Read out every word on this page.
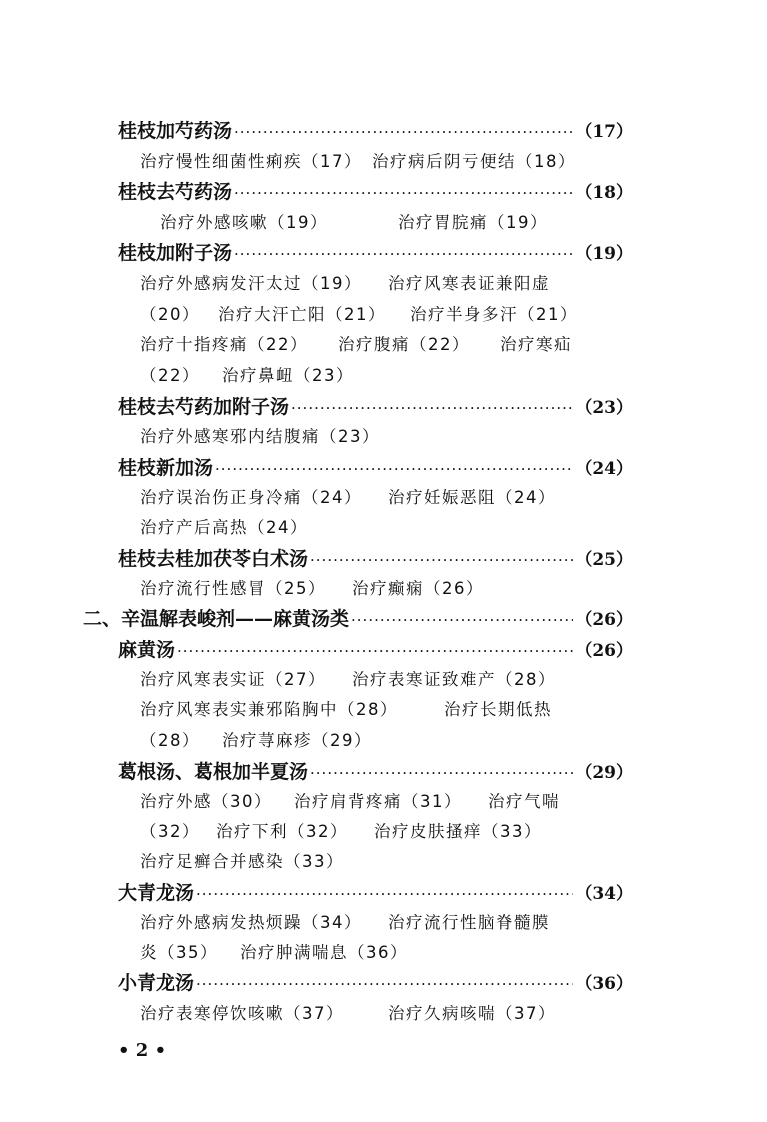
桂枝加芍药汤 ·····	（17）
治疗慢性细菌性痢疾（17） 治疗病后阴亏便结（18）
桂枝去芍药汤 ·····	（18）
治疗外感咳嗽（19）	治疗胃脘痛（19）
桂枝加附子汤 ·····	（19）
治疗外感病发汗太过（19） 治疗风寒表证兼阳虚
（20） 治疗大汗亡阳（21） 治疗半身多汗（21）
治疗十指疼痛（22） 治疗腹痛（22） 治疗寒疝
（22） 治疗鼻衄（23）
桂枝去芍药加附子汤 ·····	（23）
治疗外感寒邪内结腹痛（23）
桂枝新加汤 ·····	（24）
治疗误治伤正身冷痛（24） 治疗妊娠恶阻（24）
治疗产后高热（24）
桂枝去桂加茯苓白术汤 ·····	（25）
治疗流行性感冒（25） 治疗癫痫（26）
二、辛温解表峻剂——麻黄汤类 ·····	（26）
麻黄汤 ·····	（26）
治疗风寒表实证（27） 治疗表寒证致难产（28）
治疗风寒表实兼邪陷胸中（28）	治疗长期低热
（28） 治疗荨麻疹（29）
葛根汤、葛根加半夏汤 ·····	（29）
治疗外感（30） 治疗肩背疼痛（31） 治疗气喘
（32） 治疗下利（32） 治疗皮肤搔痒（33）
治疗足癣合并感染（33）
大青龙汤 ·····	（34）
治疗外感病发热烦躁（34） 治疗流行性脑脊髓膜
炎（35） 治疗肿满喘息（36）
小青龙汤 ·····	（36）
治疗表寒停饮咳嗽（37）	治疗久病咳喘（37）
• 2 •
